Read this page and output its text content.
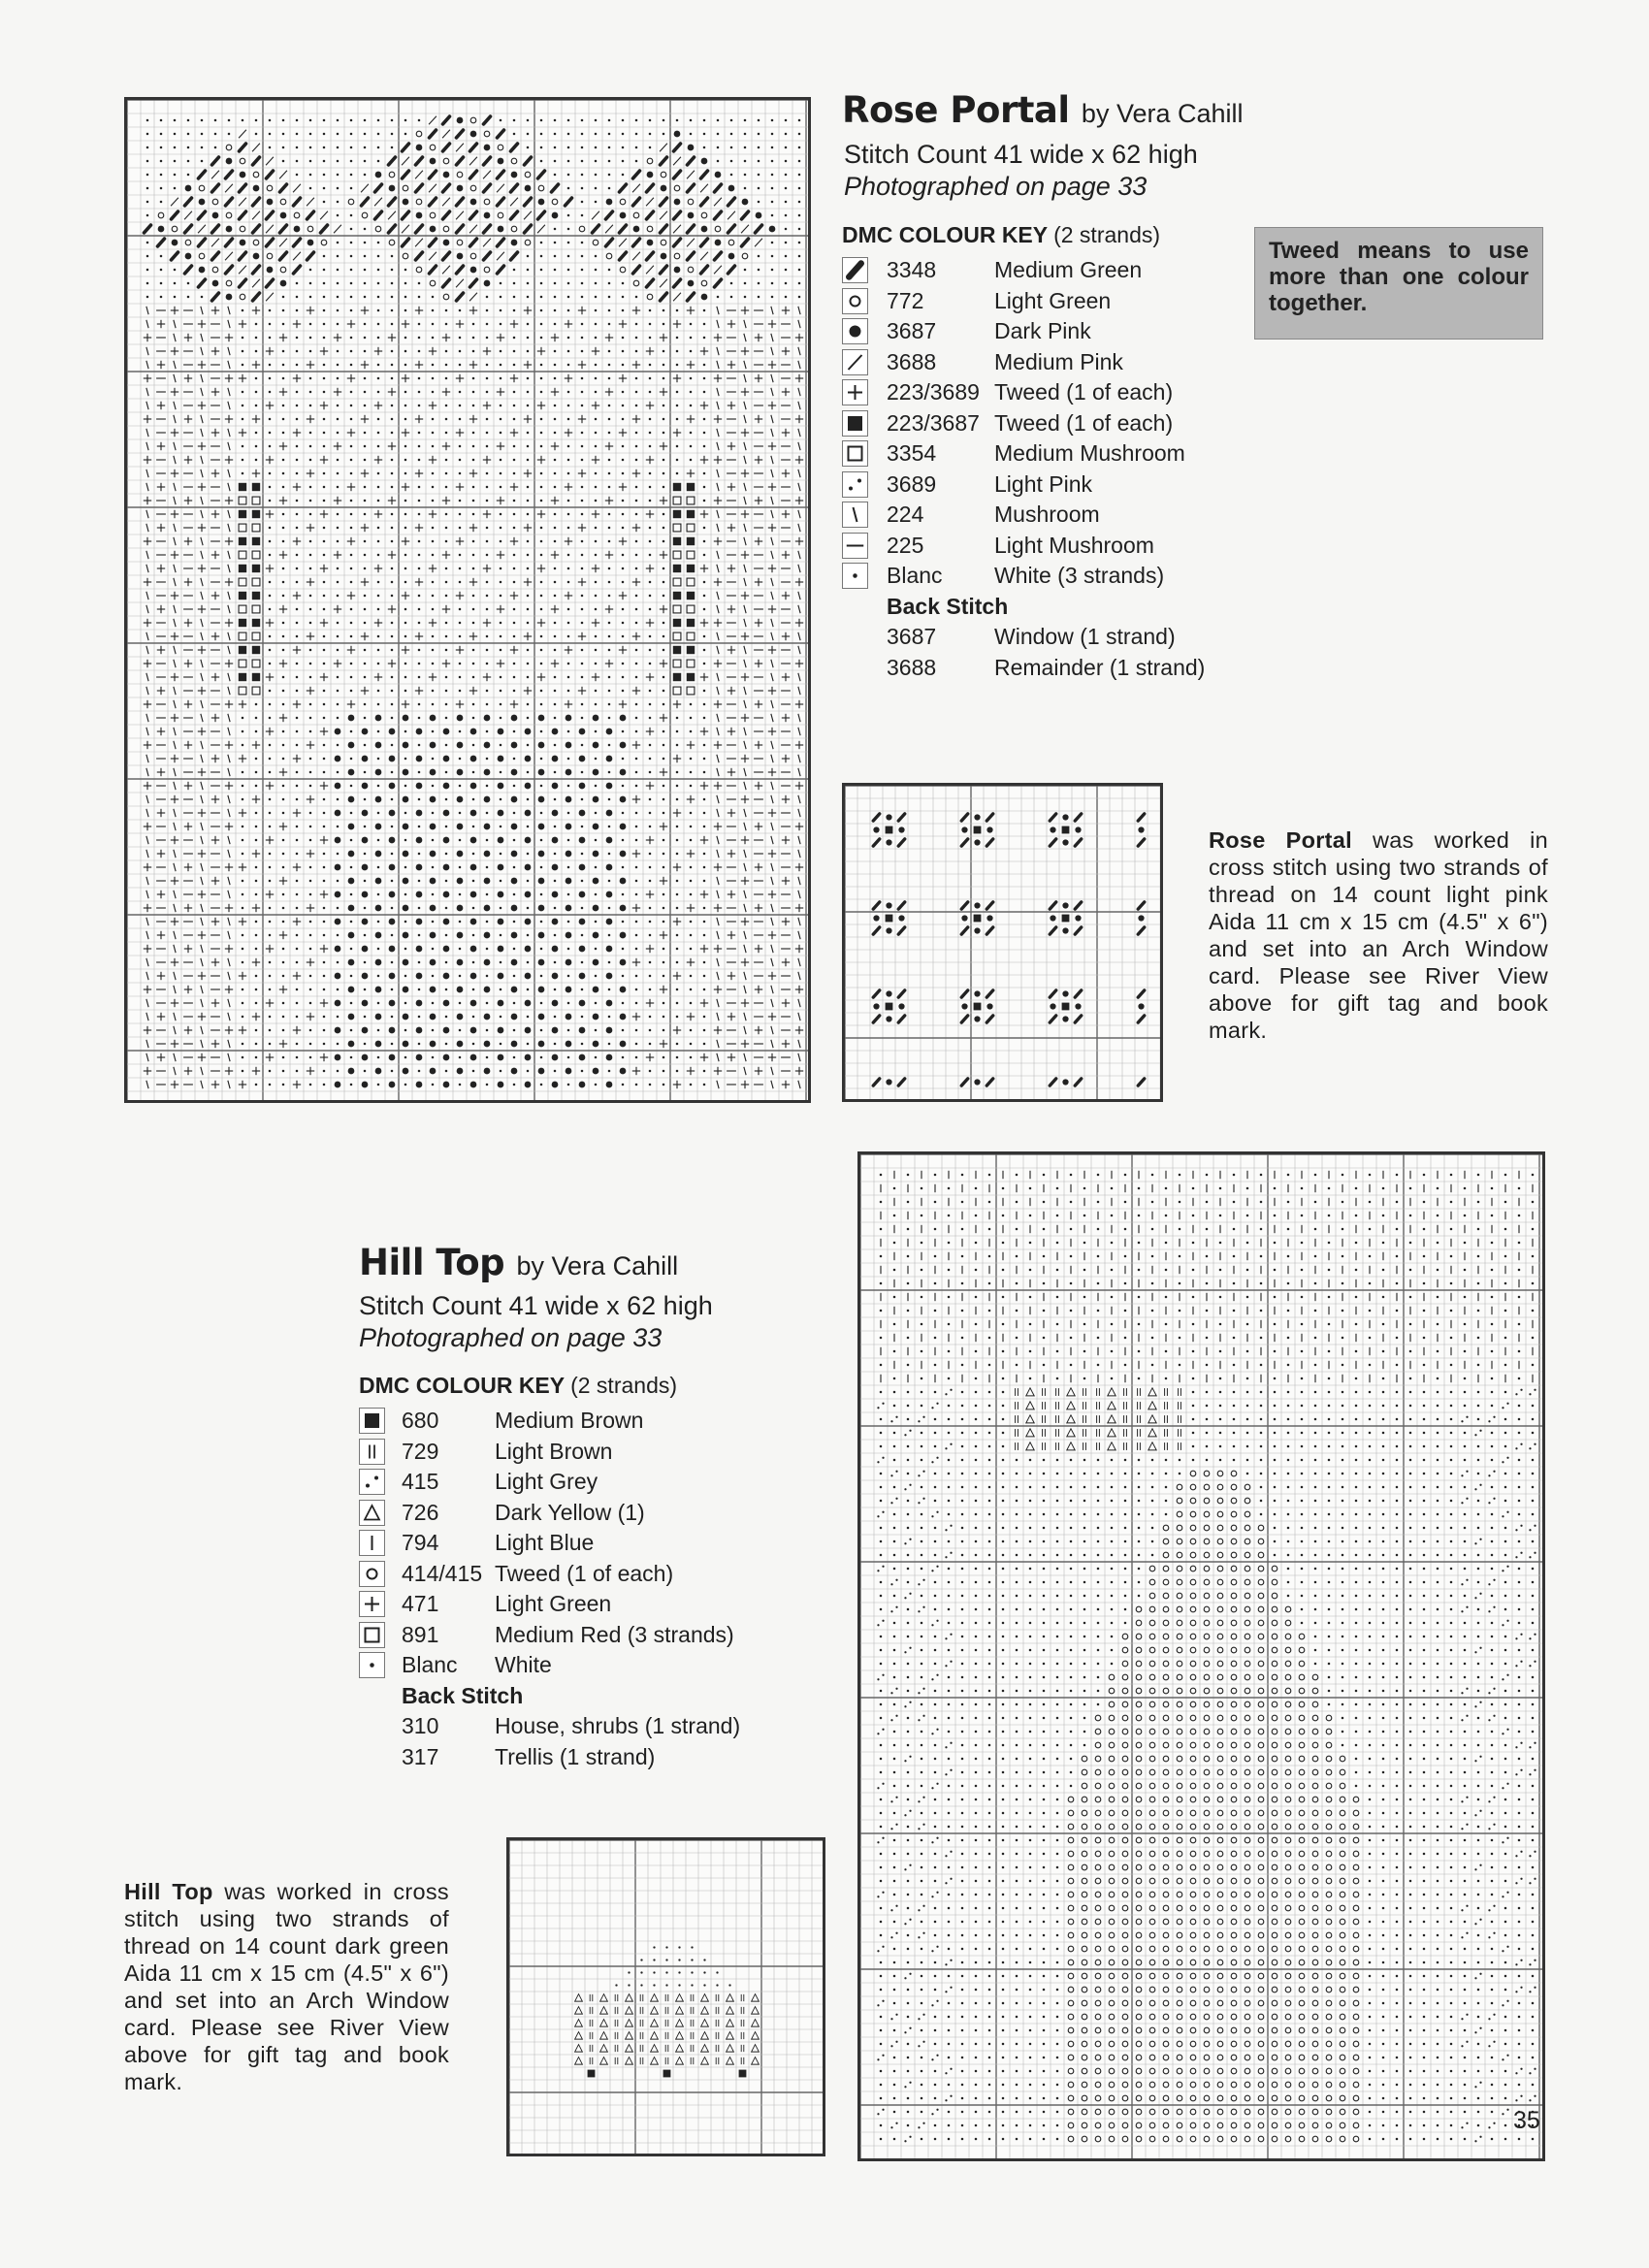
Rose Portal by Vera Cahill
Stitch Count 41 wide x 62 high
Photographed on page 33
DMC COLOUR KEY (2 strands)
3348	Medium Green
772	Light Green
3687	Dark Pink
3688	Medium Pink
223/3689 Tweed (1 of each)
223/3687 Tweed (1 of each)
3354	Medium Mushroom
3689	Light Pink
224	Mushroom
225	Light Mushroom
Blanc White (3 strands)
Back Stitch
3687	Window (1 strand)
3688	Remainder (1 strand)
Tweed means to use more than one colour together.
Rose Portal was worked in cross stitch using two strands of thread on 14 count light pink Aida 11 cm x 15 cm (4.5" x 6") and set into an Arch Window card. Please see River View above for gift tag and book mark.
Hill Top by Vera Cahill
Stitch Count 41 wide x 62 high
Photographed on page 33
DMC COLOUR KEY (2 strands)
680	Medium Brown
729	Light Brown
415	Light Grey
726	Dark Yellow (1)
794	Light Blue
414/415 Tweed (1 of each)
471	Light Green
891	Medium Red (3 strands)
Blanc White
Back Stitch
310	House, shrubs (1 strand)
317	Trellis (1 strand)
Hill Top was worked in cross stitch using two strands of thread on 14 count dark green Aida 11 cm x 15 cm (4.5" x 6") and set into an Arch Window card. Please see River View above for gift tag and book mark.
35
